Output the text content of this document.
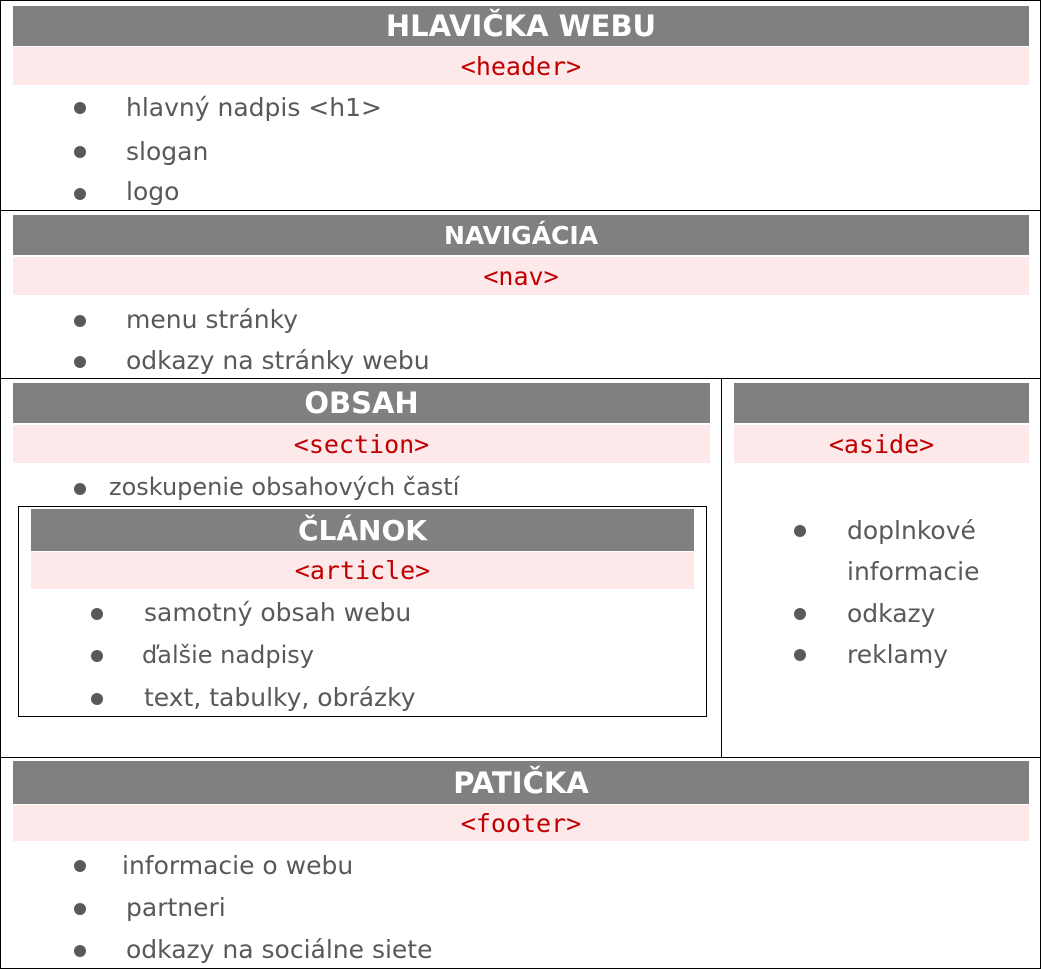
HLAVIČKA WEBU
<header>
hlavný nadpis <h1>
slogan
logo
NAVIGÁCIA
<nav>
menu stránky
odkazy na stránky webu
OBSAH
<section>
zoskupenie obsahových častí
ČLÁNOK
<article>
samotný obsah webu
ďalšie nadpisy
text, tabulky, obrázky
<aside>
doplnkové
informacie
odkazy
reklamy
PATIČKA
<footer>
informacie o webu
partneri
odkazy na sociálne siete
